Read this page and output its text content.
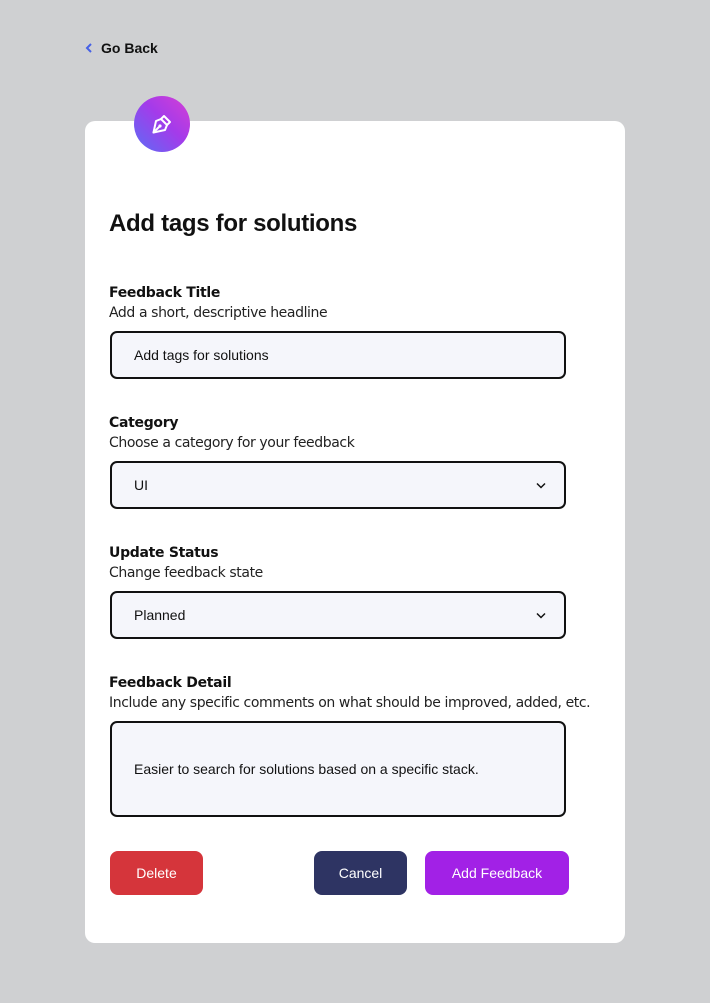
Go Back
Add tags for solutions
Feedback Title
Add a short, descriptive headline
Add tags for solutions
Category
Choose a category for your feedback
UI
Update Status
Change feedback state
Planned
Feedback Detail
Include any specific comments on what should be improved, added, etc.
Easier to search for solutions based on a specific stack.
Delete	Cancel	Add Feedback
